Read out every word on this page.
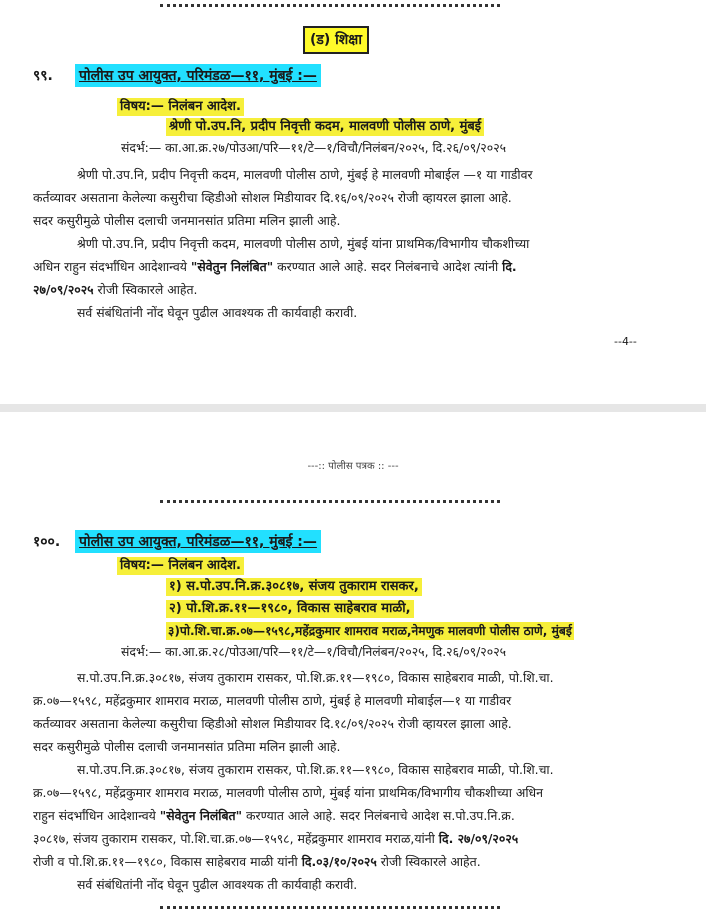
(ड) शिक्षा
९९. पोलीस उप आयुक्त, परिमंडळ—११, मुंबई :—
विषय:— निलंबन आदेश.
श्रेणी पो.उप.नि, प्रदीप निवृत्ती कदम, मालवणी पोलीस ठाणे, मुंबई
संदर्भ:— का.आ.क्र.२७/पोउआ/परि—११/टे—१/विचौ/निलंबन/२०२५, दि.२६/०९/२०२५
श्रेणी पो.उप.नि, प्रदीप निवृत्ती कदम, मालवणी पोलीस ठाणे, मुंबई हे मालवणी मोबाईल —१ या गाडीवर
कर्तव्यावर असताना केलेल्या कसुरीचा व्हिडीओ सोशल मिडीयावर दि.१६/०९/२०२५ रोजी व्हायरल झाला आहे.
सदर कसुरीमुळे पोलीस दलाची जनमानसांत प्रतिमा मलिन झाली आहे.
श्रेणी पो.उप.नि, प्रदीप निवृत्ती कदम, मालवणी पोलीस ठाणे, मुंबई यांना प्राथमिक/विभागीय चौकशीच्या
अधिन राहुन संदर्भांधिन आदेशान्वये "सेवेतुन निलंबित" करण्यात आले आहे. सदर निलंबनाचे आदेश त्यांनी दि.
२७/०९/२०२५ रोजी स्विकारले आहेत.
सर्व संबंधितांनी नोंद घेवून पुढील आवश्यक ती कार्यवाही करावी.
--4--
---:: पोलीस पत्रक :: ---
१००. पोलीस उप आयुक्त, परिमंडळ—११, मुंबई :—
विषय:— निलंबन आदेश.
१) स.पो.उप.नि.क्र.३०८१७, संजय तुकाराम रासकर,
२) पो.शि.क्र.११—१९८०, विकास साहेबराव माळी,
३)पो.शि.चा.क्र.०७—१५९८,महेंद्रकुमार शामराव मराळ,नेमणुक मालवणी पोलीस ठाणे, मुंबई
संदर्भ:— का.आ.क्र.२८/पोउआ/परि—११/टे—१/विचौ/निलंबन/२०२५, दि.२६/०९/२०२५
स.पो.उप.नि.क्र.३०८१७, संजय तुकाराम रासकर, पो.शि.क्र.११—१९८०, विकास साहेबराव माळी, पो.शि.चा.
क्र.०७—१५९८, महेंद्रकुमार शामराव मराळ, मालवणी पोलीस ठाणे, मुंबई हे मालवणी मोबाईल—१ या गाडीवर
कर्तव्यावर असताना केलेल्या कसुरीचा व्हिडीओ सोशल मिडीयावर दि.१८/०९/२०२५ रोजी व्हायरल झाला आहे.
सदर कसुरीमुळे पोलीस दलाची जनमानसांत प्रतिमा मलिन झाली आहे.
स.पो.उप.नि.क्र.३०८१७, संजय तुकाराम रासकर, पो.शि.क्र.११—१९८०, विकास साहेबराव माळी, पो.शि.चा.
क्र.०७—१५९८, महेंद्रकुमार शामराव मराळ, मालवणी पोलीस ठाणे, मुंबई यांना प्राथमिक/विभागीय चौकशीच्या अधिन
राहुन संदर्भांधिन आदेशान्वये "सेवेतुन निलंबित" करण्यात आले आहे. सदर निलंबनाचे आदेश स.पो.उप.नि.क्र.
३०८१७, संजय तुकाराम रासकर, पो.शि.चा.क्र.०७—१५९८, महेंद्रकुमार शामराव मराळ,यांनी दि. २७/०९/२०२५
रोजी व पो.शि.क्र.११—१९८०, विकास साहेबराव माळी यांनी दि.०३/१०/२०२५ रोजी स्विकारले आहेत.
सर्व संबंधितांनी नोंद घेवून पुढील आवश्यक ती कार्यवाही करावी.
